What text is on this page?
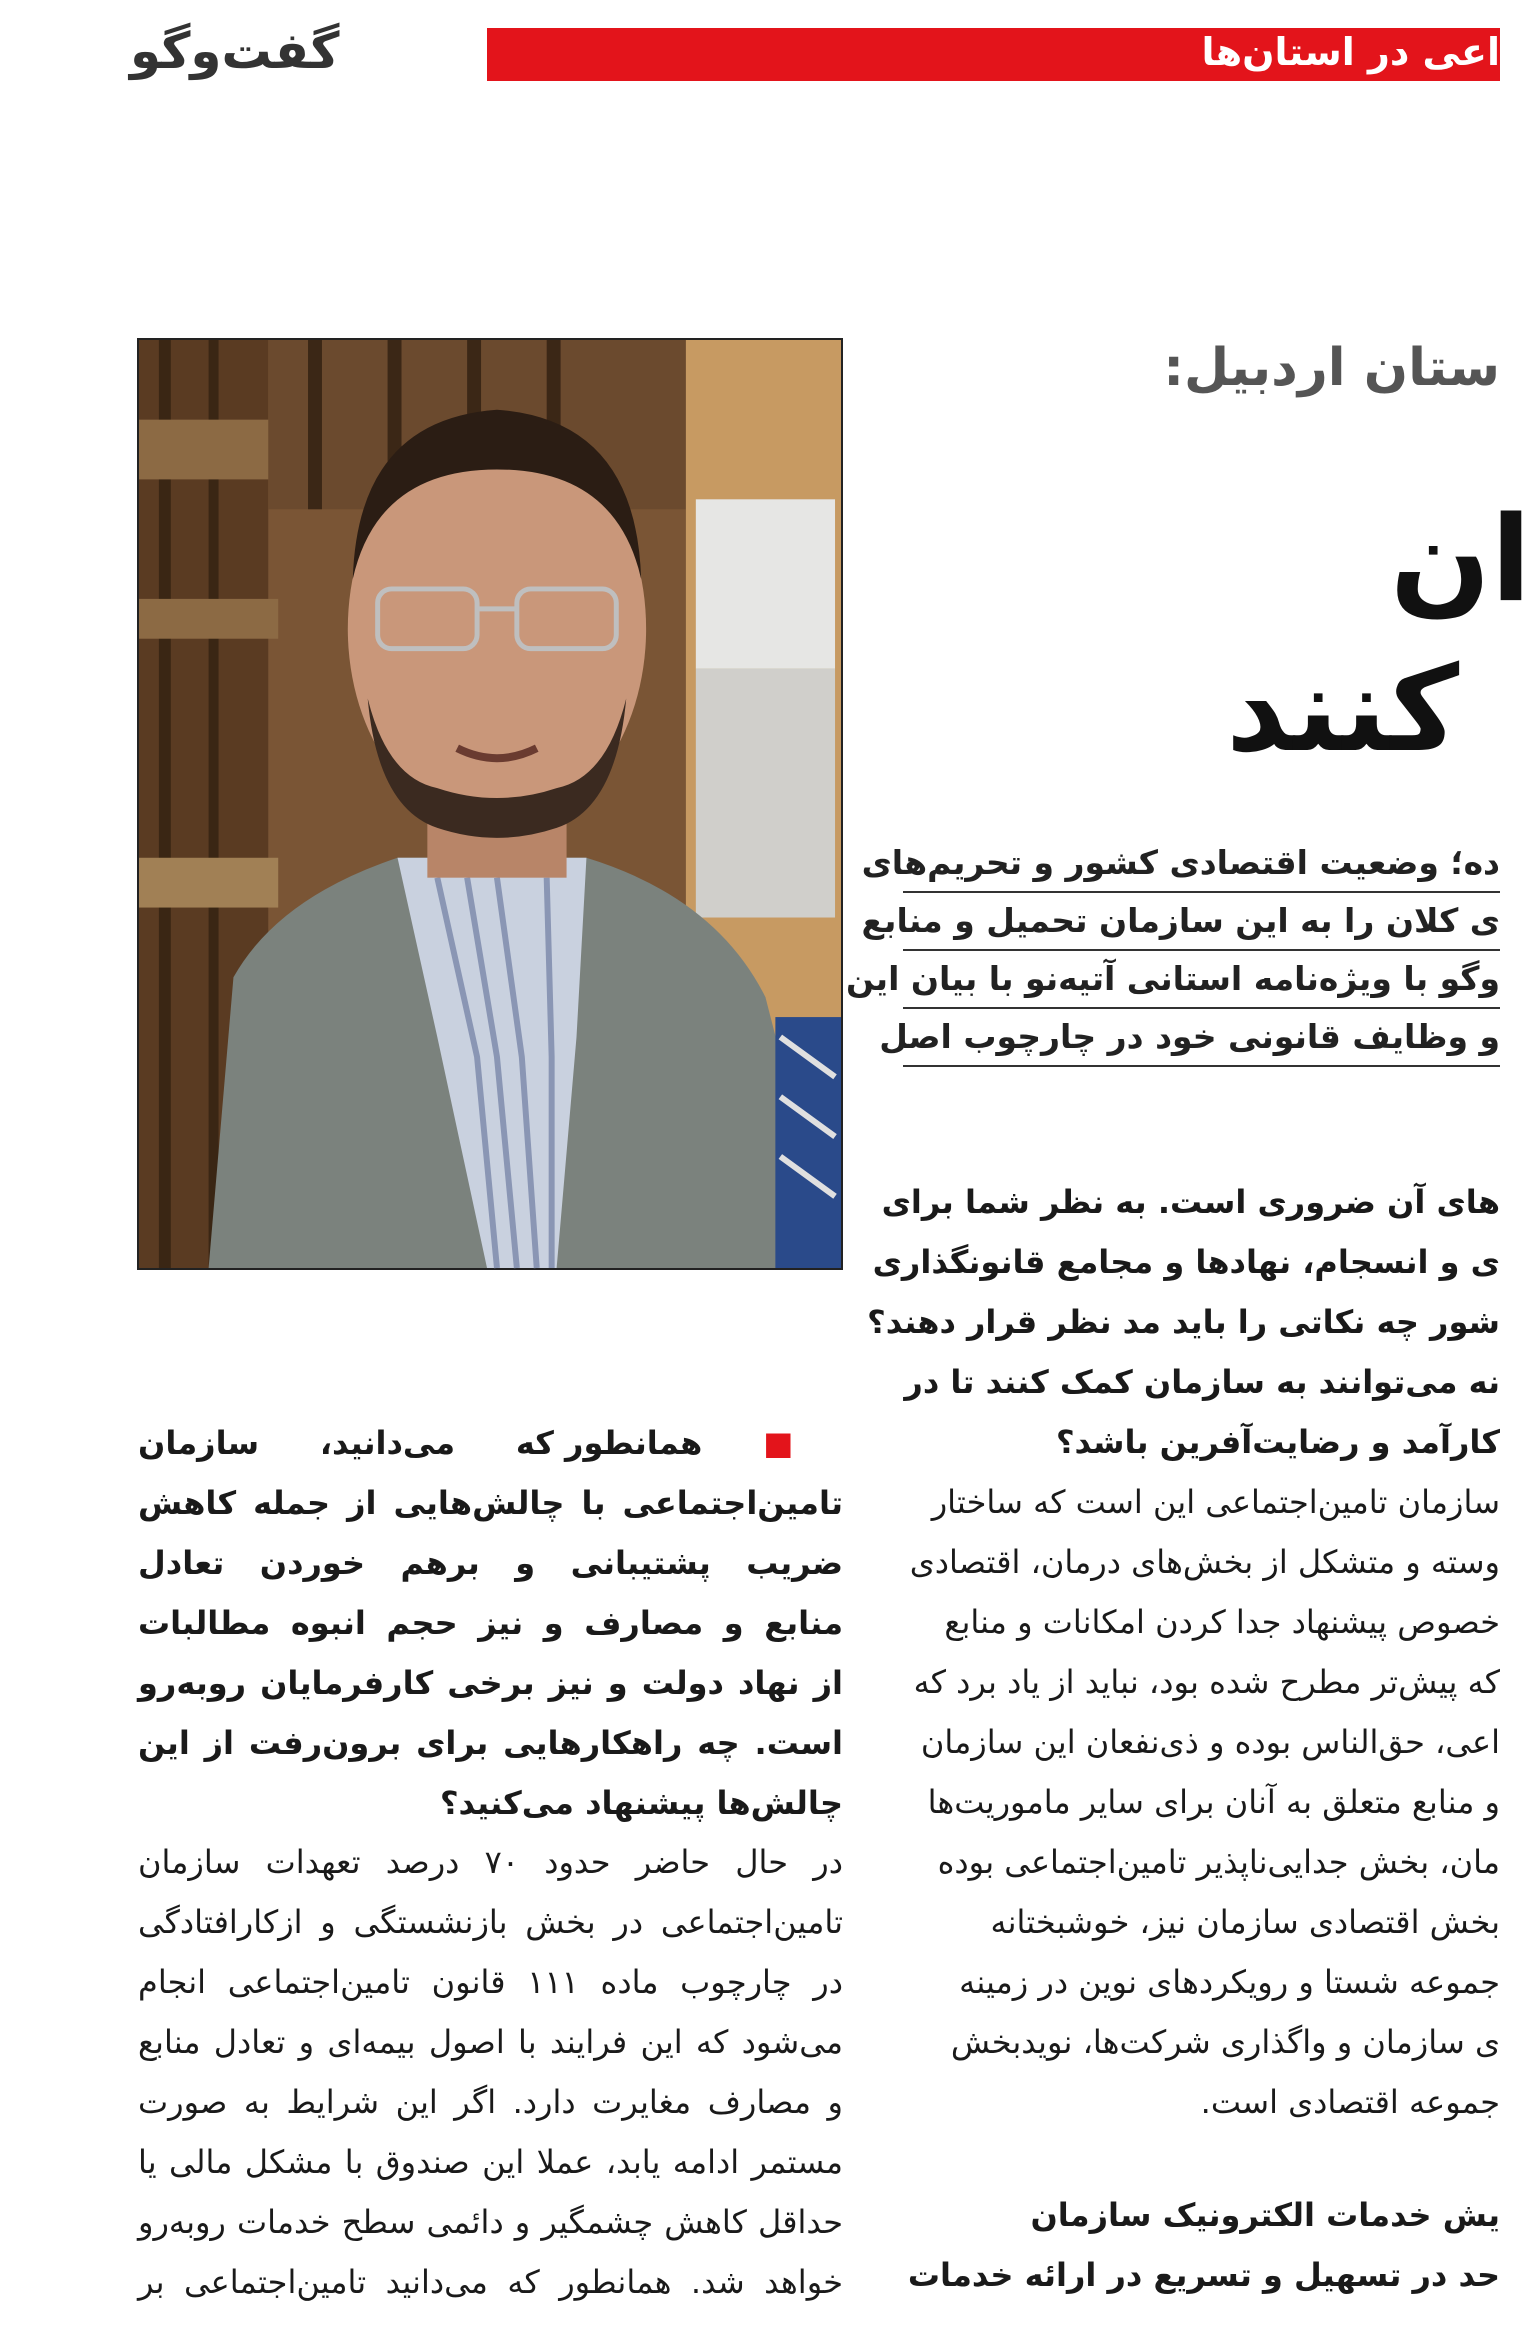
گفت‌وگو	اعی در استان‌ها
ستان اردبیل:
ان
کنند
ده؛ وضعیت اقتصادی کشور و تحریم‌های
ی کلان را به این سازمان تحمیل و منابع
وگو با ویژه‌نامه استانی آتیه‌نو با بیان این
و وظایف قانونی خود در چارچوب اصل
های آن ضروری است. به نظر شما برای
ی و انسجام، نهادها و مجامع قانونگذاری
شور چه نکاتی را باید مد نظر قرار دهند؟
نه می‌توانند به سازمان کمک کنند تا در
کارآمد و رضایت‌آفرین باشد؟
سازمان تامین‌اجتماعی این است که ساختار
وسته و متشکل از بخش‌های درمان، اقتصادی
خصوص پیشنهاد جدا کردن امکانات و منابع
که پیش‌تر مطرح شده بود، نباید از یاد برد که
اعی، حق‌الناس بوده و ذی‌نفعان این سازمان
و منابع متعلق به آنان برای سایر ماموریت‌ها
مان، بخش جدایی‌ناپذیر تامین‌اجتماعی بوده
بخش اقتصادی سازمان نیز، خوشبختانه
جموعه شستا و رویکردهای نوین در زمینه
ی سازمان و واگذاری شرکت‌ها، نویدبخش
جموعه اقتصادی است.
یش خدمات الکترونیک سازمان
حد در تسهیل و تسریع در ارائه خدمات
■ همانطور که می‌دانید، سازمان
تامین‌اجتماعی با چالش‌هایی از جمله کاهش
ضریب پشتیبانی و برهم خوردن تعادل
منابع و مصارف و نیز حجم انبوه مطالبات
از نهاد دولت و نیز برخی کارفرمایان روبه‌رو
است. چه راهکارهایی برای برون‌رفت از این
چالش‌ها پیشنهاد می‌کنید؟
در حال حاضر حدود ۷۰ درصد تعهدات سازمان
تامین‌اجتماعی در بخش بازنشستگی و ازکارافتادگی
در چارچوب ماده ۱۱۱ قانون تامین‌اجتماعی انجام
می‌شود که این فرایند با اصول بیمه‌ای و تعادل منابع
و مصارف مغایرت دارد. اگر این شرایط به صورت
مستمر ادامه یابد، عملا این صندوق با مشکل مالی یا
حداقل کاهش چشمگیر و دائمی سطح خدمات روبه‌رو
خواهد شد. همانطور که می‌دانید تامین‌اجتماعی بر
